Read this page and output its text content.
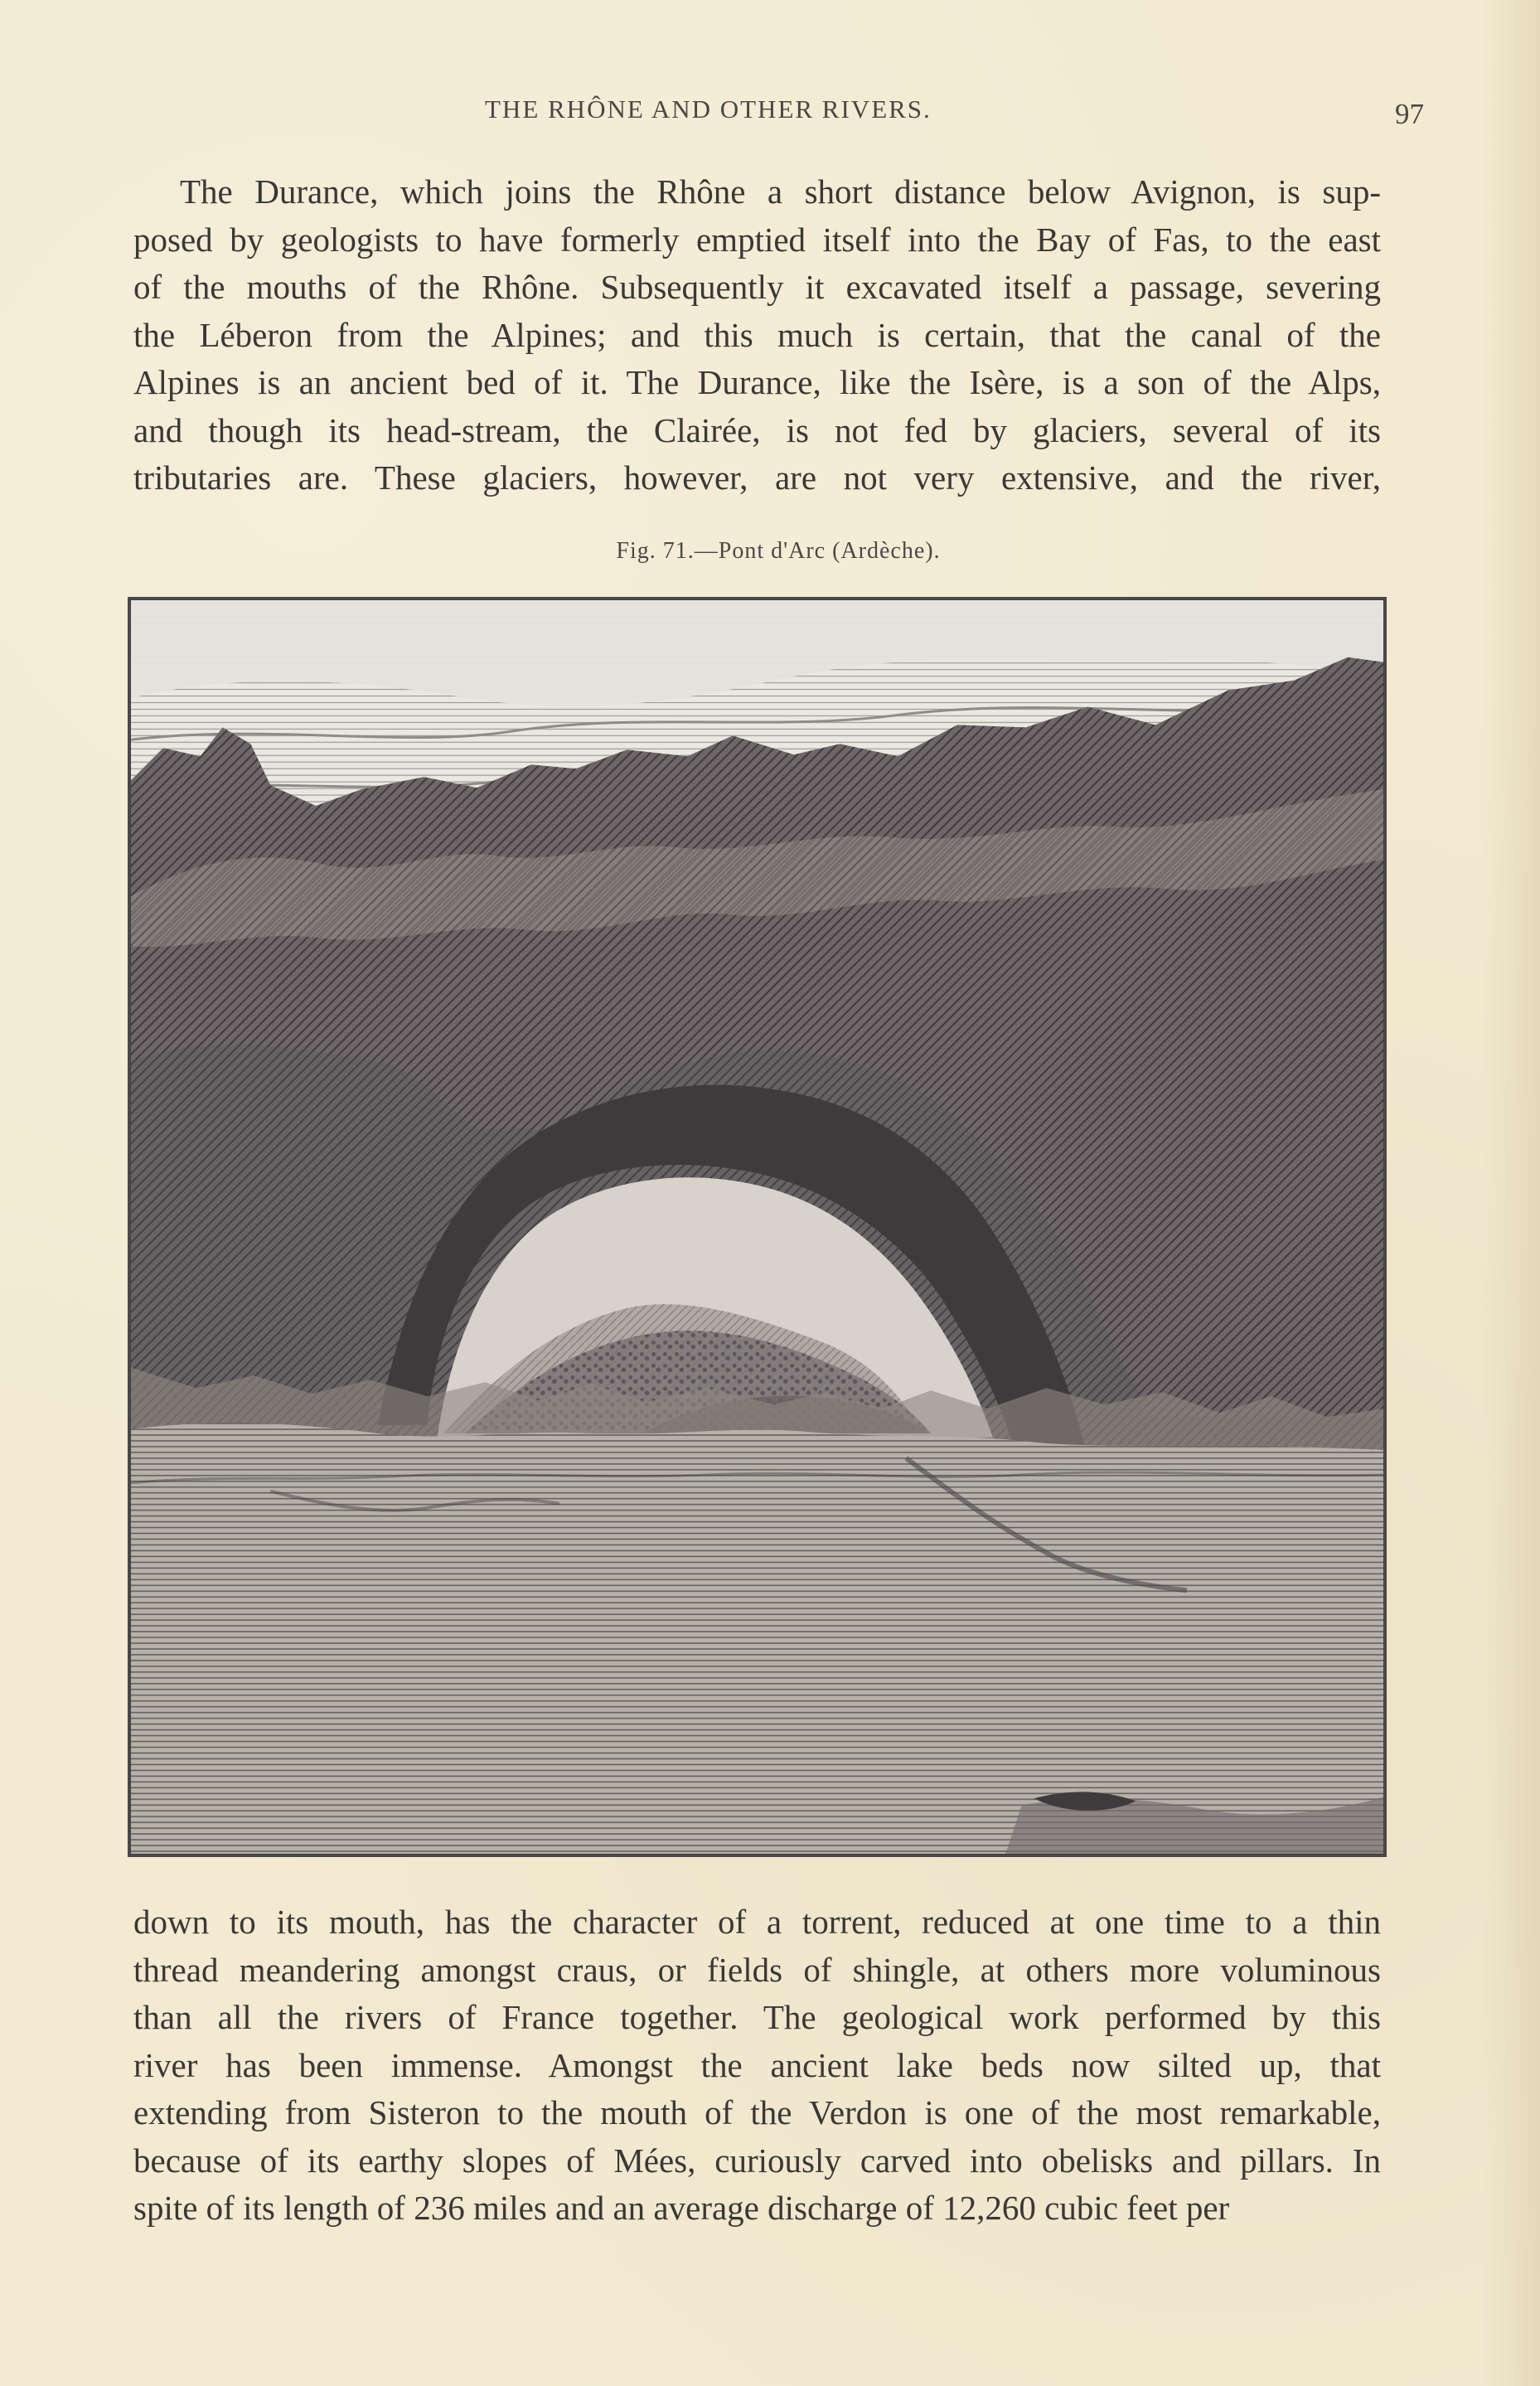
THE RHÔNE AND OTHER RIVERS.	97
The Durance, which joins the Rhône a short distance below Avignon, is sup-
posed by geologists to have formerly emptied itself into the Bay of Fas, to the east
of the mouths of the Rhône. Subsequently it excavated itself a passage, severing
the Léberon from the Alpines; and this much is certain, that the canal of the
Alpines is an ancient bed of it. The Durance, like the Isère, is a son of the Alps,
and though its head-stream, the Clairée, is not fed by glaciers, several of its
tributaries are. These glaciers, however, are not very extensive, and the river,
Fig. 71.—Pont d'Arc (Ardèche).
down to its mouth, has the character of a torrent, reduced at one time to a thin
thread meandering amongst craus, or fields of shingle, at others more voluminous
than all the rivers of France together. The geological work performed by this
river has been immense. Amongst the ancient lake beds now silted up, that
extending from Sisteron to the mouth of the Verdon is one of the most remarkable,
because of its earthy slopes of Mées, curiously carved into obelisks and pillars. In
spite of its length of 236 miles and an average discharge of 12,260 cubic feet per
